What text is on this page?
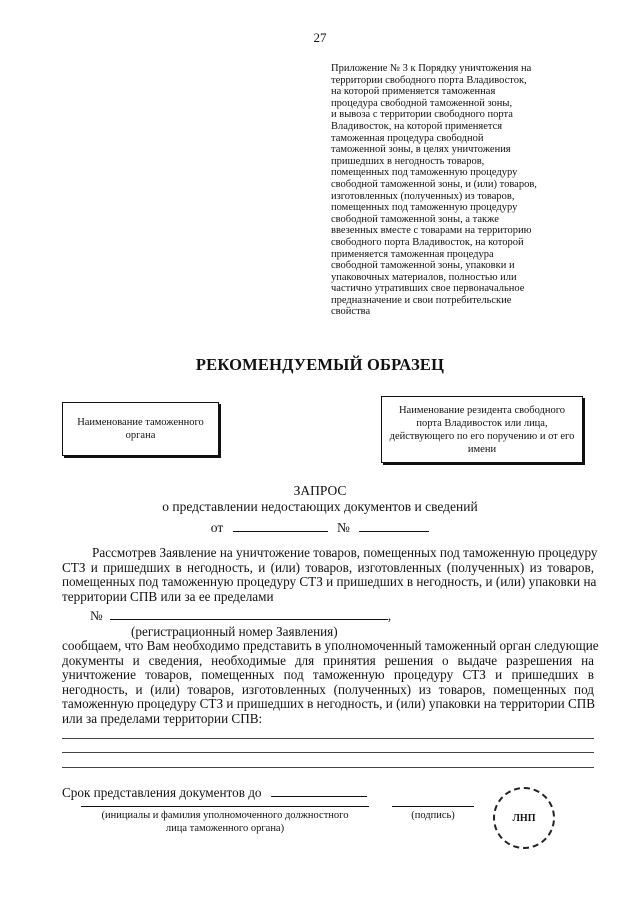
27
Приложение № 3 к Порядку уничтожения на
территории свободного порта Владивосток,
на которой применяется таможенная
процедура свободной таможенной зоны,
и вывоза с территории свободного порта
Владивосток, на которой применяется
таможенная процедура свободной
таможенной зоны, в целях уничтожения
пришедших в негодность товаров,
помещенных под таможенную процедуру
свободной таможенной зоны, и (или) товаров,
изготовленных (полученных) из товаров,
помещенных под таможенную процедуру
свободной таможенной зоны, а также
ввезенных вместе с товарами на территорию
свободного порта Владивосток, на которой
применяется таможенная процедура
свободной таможенной зоны, упаковки и
упаковочных материалов, полностью или
частично утративших свое первоначальное
предназначение и свои потребительские
свойства
РЕКОМЕНДУЕМЫЙ ОБРАЗЕЦ
Наименование таможенного
органа
Наименование резидента свободного
порта Владивосток или лица,
действующего по его поручению и от его
имени
ЗАПРОС
о представлении недостающих документов и сведений
от	№
Рассмотрев Заявление на уничтожение товаров, помещенных под таможенную процедуру
СТЗ и пришедших в негодность, и (или) товаров, изготовленных (полученных) из товаров,
помещенных под таможенную процедуру СТЗ и пришедших в негодность, и (или) упаковки на
территории СПВ или за ее пределами
№	,
(регистрационный номер Заявления)
сообщаем, что Вам необходимо представить в уполномоченный таможенный орган следующие
документы и сведения, необходимые для принятия решения о выдаче разрешения на
уничтожение товаров, помещенных под таможенную процедуру СТЗ и пришедших в
негодность, и (или) товаров, изготовленных (полученных) из товаров, помещенных под
таможенную процедуру СТЗ и пришедших в негодность, и (или) упаковки на территории СПВ
или за пределами территории СПВ:
Срок представления документов до
(инициалы и фамилия уполномоченного должностного
лица таможенного органа)
(подпись)	ЛНП
